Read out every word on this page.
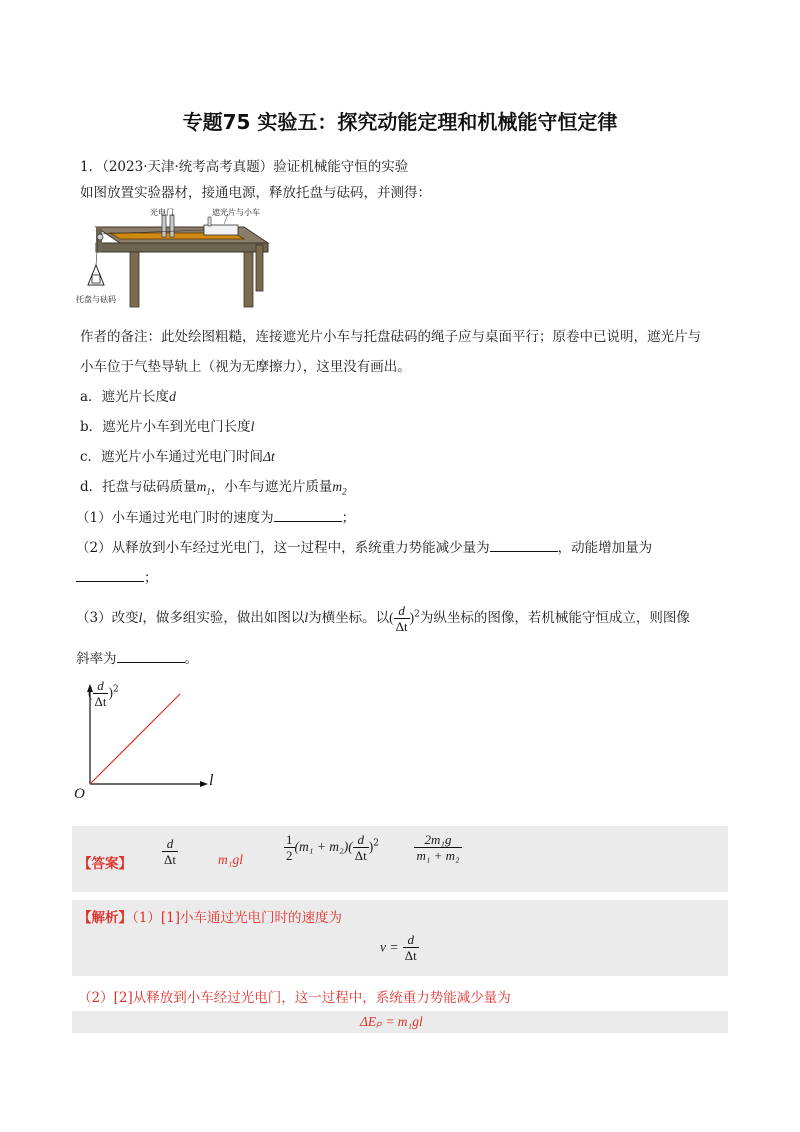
专题75 实验五：探究动能定理和机械能守恒定律
1．（2023·天津·统考高考真题）验证机械能守恒的实验
如图放置实验器材，接通电源，释放托盘与砝码，并测得：
光电门	遮光片与小车
托盘与砝码
作者的备注：此处绘图粗糙，连接遮光片小车与托盘砝码的绳子应与桌面平行；原卷中已说明，遮光片与
小车位于气垫导轨上（视为无摩擦力），这里没有画出。
a．遮光片长度d
b．遮光片小车到光电门长度l
c．遮光片小车通过光电门时间Δt
d．托盘与砝码质量$m_1$，小车与遮光片质量$m_2$
（1）小车通过光电门时的速度为	；
（2）从释放到小车经过光电门，这一过程中，系统重力势能减少量为	，动能增加量为
；
（3）改变l，做多组实验，做出如图以l为横坐标。以( $\frac{d}{\Delta t} )^2$为纵坐标的图像，若机械能守恒成立，则图像
斜率为	。
( $\frac{d}{\Delta t} )^2$
O
l
【答案】 $\frac{d}{\Delta t}$	m₁gl	$\frac{1}{2} (m_1 + m_2)( \frac{d}{\Delta t} )^2$	$\frac{\text{2m₁g}}{\text{m₁ + m₂}}$
【解析】（1）[1]小车通过光电门时的速度为
$v = \frac{d}{\Delta t}$
（2）[2]从释放到小车经过光电门，这一过程中，系统重力势能减少量为
ΔEₚ = m₁gl
